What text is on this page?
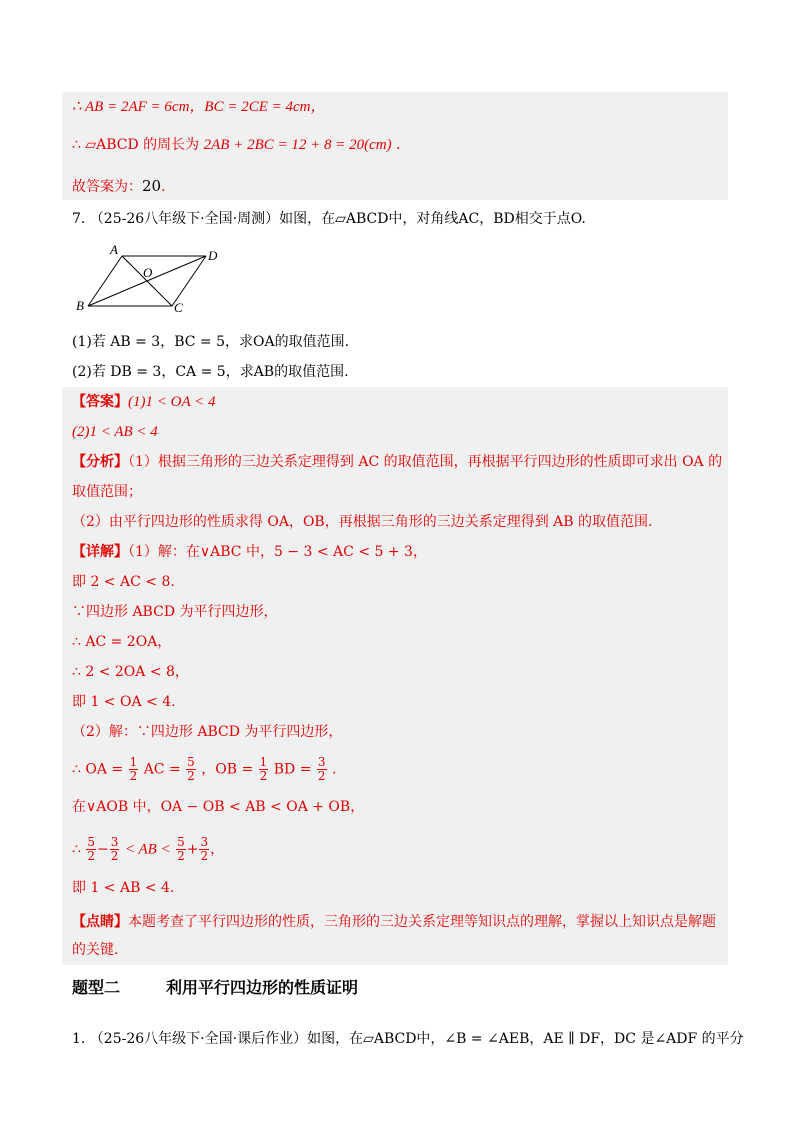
∴ AB = 2AF = 6cm，BC = 2CE = 4cm，
∴ ▱ABCD 的周长为 2AB + 2BC = 12 + 8 = 20(cm) .
故答案为：20.
7. （25-26八年级下·全国·周测）如图，在▱ABCD中，对角线AC，BD相交于点O.
A	D
B	C
O
(1)若 AB = 3，BC = 5，求OA的取值范围.
(2)若 DB = 3，CA = 5，求AB的取值范围.
【答案】(1)1 < OA < 4
(2)1 < AB < 4
【分析】（1）根据三角形的三边关系定理得到 AC 的取值范围，再根据平行四边形的性质即可求出 OA 的
取值范围；
（2）由平行四边形的性质求得 OA，OB，再根据三角形的三边关系定理得到 AB 的取值范围.
【详解】（1）解：在∨ABC 中，5 − 3 < AC < 5 + 3，
即 2 < AC < 8.
∵四边形 ABCD 为平行四边形，
∴ AC = 2OA，
∴ 2 < 2OA < 8，
即 1 < OA < 4.
（2）解：∵四边形 ABCD 为平行四边形，
∴ OA = $\frac{1}{2}$ AC = $\frac{5}{2}$ ，OB = $\frac{1}{2}$ BD = $\frac{3}{2}$ .
在∨AOB 中，OA − OB < AB < OA + OB，
∴ $\frac{5}{2} - \frac{3}{2}$ < AB < $\frac{5}{2} + \frac{3}{2}$ ，
即 1 < AB < 4.
【点睛】本题考查了平行四边形的性质，三角形的三边关系定理等知识点的理解，掌握以上知识点是解题
的关键.
题型二	利用平行四边形的性质证明
1. （25-26八年级下·全国·课后作业）如图，在▱ABCD中，∠B = ∠AEB，AE ∥ DF，DC 是∠ADF 的平分
